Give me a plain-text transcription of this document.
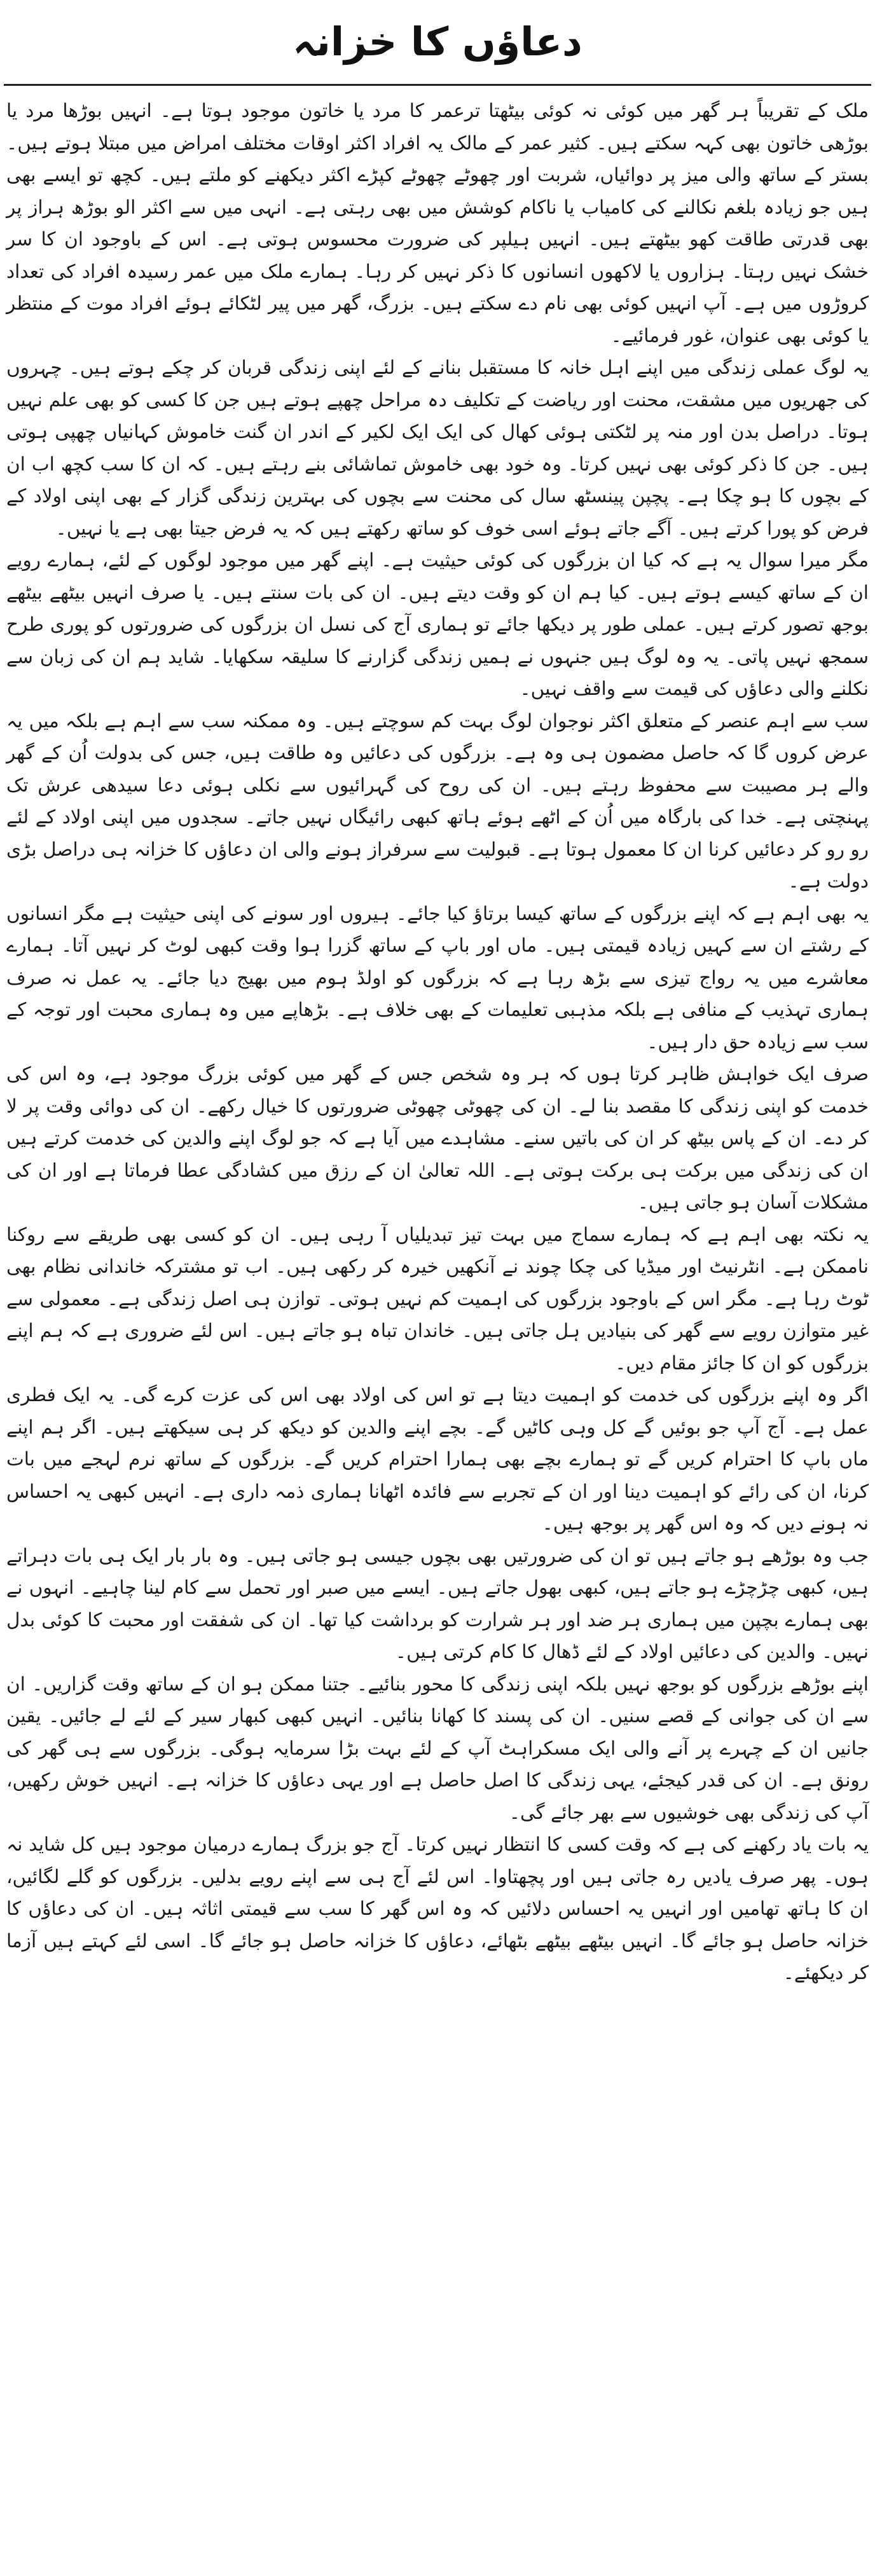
دعاؤں کا خزانہ

ملک کے تقریباً ہر گھر میں کوئی نہ کوئی بیٹھتا ترعمر کا مرد یا خاتون موجود ہوتا ہے۔ انہیں بوڑھا مرد یا بوڑھی خاتون بھی کہہ سکتے ہیں۔ کثیر عمر کے مالک یہ افراد اکثر اوقات مختلف امراض میں مبتلا ہوتے ہیں۔ بستر کے ساتھ والی میز پر دوائیاں، شربت اور چھوٹے چھوٹے کپڑے اکثر دیکھنے کو ملتے ہیں۔ کچھ تو ایسے بھی ہیں جو زیادہ بلغم نکالنے کی کامیاب یا ناکام کوشش میں بھی رہتی ہے۔ انہی میں سے اکثر الو بوڑھ ہراز پر بھی قدرتی طاقت کھو بیٹھتے ہیں۔ انہیں ہیلپر کی ضرورت محسوس ہوتی ہے۔ اس کے باوجود ان کا سر خشک نہیں رہتا۔ ہزاروں یا لاکھوں انسانوں کا ذکر نہیں کر رہا۔ ہمارے ملک میں عمر رسیدہ افراد کی تعداد کروڑوں میں ہے۔ آپ انہیں کوئی بھی نام دے سکتے ہیں۔ بزرگ، گھر میں پیر لٹکائے ہوئے افراد موت کے منتظر یا کوئی بھی عنوان، غور فرمائیے۔

یہ لوگ عملی زندگی میں اپنے اہل خانہ کا مستقبل بنانے کے لئے اپنی زندگی قربان کر چکے ہوتے ہیں۔ چہروں کی جھریوں میں مشقت، محنت اور ریاضت کے تکلیف دہ مراحل چھپے ہوتے ہیں جن کا کسی کو بھی علم نہیں ہوتا۔ دراصل بدن اور منہ پر لٹکتی ہوئی کھال کی ایک ایک لکیر کے اندر ان گنت خاموش کہانیاں چھپی ہوتی ہیں۔ جن کا ذکر کوئی بھی نہیں کرتا۔ وہ خود بھی خاموش تماشائی بنے رہتے ہیں۔ کہ ان کا سب کچھ اب ان کے بچوں کا ہو چکا ہے۔ پچپن پینسٹھ سال کی محنت سے بچوں کی بہترین زندگی گزار کے بھی اپنی اولاد کے فرض کو پورا کرتے ہیں۔ آگے جاتے ہوئے اسی خوف کو ساتھ رکھتے ہیں کہ یہ فرض جیتا بھی ہے یا نہیں۔

مگر میرا سوال یہ ہے کہ کیا ان بزرگوں کی کوئی حیثیت ہے۔ اپنے گھر میں موجود لوگوں کے لئے، ہمارے رویے ان کے ساتھ کیسے ہوتے ہیں۔ کیا ہم ان کو وقت دیتے ہیں۔ ان کی بات سنتے ہیں۔ یا صرف انہیں بیٹھے بیٹھے بوجھ تصور کرتے ہیں۔ عملی طور پر دیکھا جائے تو ہماری آج کی نسل ان بزرگوں کی ضرورتوں کو پوری طرح سمجھ نہیں پاتی۔ یہ وہ لوگ ہیں جنہوں نے ہمیں زندگی گزارنے کا سلیقہ سکھایا۔ شاید ہم ان کی زبان سے نکلنے والی دعاؤں کی قیمت سے واقف نہیں۔

سب سے اہم عنصر کے متعلق اکثر نوجوان لوگ بہت کم سوچتے ہیں۔ وہ ممکنہ سب سے اہم ہے بلکہ میں یہ عرض کروں گا کہ حاصل مضمون ہی وہ ہے۔ بزرگوں کی دعائیں وہ طاقت ہیں، جس کی بدولت اُن کے گھر والے ہر مصیبت سے محفوظ رہتے ہیں۔ ان کی روح کی گہرائیوں سے نکلی ہوئی دعا سیدھی عرش تک پہنچتی ہے۔ خدا کی بارگاہ میں اُن کے اٹھے ہوئے ہاتھ کبھی رائیگاں نہیں جاتے۔ سجدوں میں اپنی اولاد کے لئے رو رو کر دعائیں کرنا ان کا معمول ہوتا ہے۔ قبولیت سے سرفراز ہونے والی ان دعاؤں کا خزانہ ہی دراصل بڑی دولت ہے۔

یہ بھی اہم ہے کہ اپنے بزرگوں کے ساتھ کیسا برتاؤ کیا جائے۔ ہیروں اور سونے کی اپنی حیثیت ہے مگر انسانوں کے رشتے ان سے کہیں زیادہ قیمتی ہیں۔ ماں اور باپ کے ساتھ گزرا ہوا وقت کبھی لوٹ کر نہیں آتا۔ ہمارے معاشرے میں یہ رواج تیزی سے بڑھ رہا ہے کہ بزرگوں کو اولڈ ہوم میں بھیج دیا جائے۔ یہ عمل نہ صرف ہماری تہذیب کے منافی ہے بلکہ مذہبی تعلیمات کے بھی خلاف ہے۔ بڑھاپے میں وہ ہماری محبت اور توجہ کے سب سے زیادہ حق دار ہیں۔

صرف ایک خواہش ظاہر کرتا ہوں کہ ہر وہ شخص جس کے گھر میں کوئی بزرگ موجود ہے، وہ اس کی خدمت کو اپنی زندگی کا مقصد بنا لے۔ ان کی چھوٹی چھوٹی ضرورتوں کا خیال رکھے۔ ان کی دوائی وقت پر لا کر دے۔ ان کے پاس بیٹھ کر ان کی باتیں سنے۔ مشاہدے میں آیا ہے کہ جو لوگ اپنے والدین کی خدمت کرتے ہیں ان کی زندگی میں برکت ہی برکت ہوتی ہے۔ اللہ تعالیٰ ان کے رزق میں کشادگی عطا فرماتا ہے اور ان کی مشکلات آسان ہو جاتی ہیں۔

یہ نکتہ بھی اہم ہے کہ ہمارے سماج میں بہت تیز تبدیلیاں آ رہی ہیں۔ ان کو کسی بھی طریقے سے روکنا ناممکن ہے۔ انٹرنیٹ اور میڈیا کی چکا چوند نے آنکھیں خیرہ کر رکھی ہیں۔ اب تو مشترکہ خاندانی نظام بھی ٹوٹ رہا ہے۔ مگر اس کے باوجود بزرگوں کی اہمیت کم نہیں ہوتی۔ توازن ہی اصل زندگی ہے۔ معمولی سے غیر متوازن رویے سے گھر کی بنیادیں ہل جاتی ہیں۔ خاندان تباہ ہو جاتے ہیں۔ اس لئے ضروری ہے کہ ہم اپنے بزرگوں کو ان کا جائز مقام دیں۔

اگر وہ اپنے بزرگوں کی خدمت کو اہمیت دیتا ہے تو اس کی اولاد بھی اس کی عزت کرے گی۔ یہ ایک فطری عمل ہے۔ آج آپ جو بوئیں گے کل وہی کاٹیں گے۔ بچے اپنے والدین کو دیکھ کر ہی سیکھتے ہیں۔ اگر ہم اپنے ماں باپ کا احترام کریں گے تو ہمارے بچے بھی ہمارا احترام کریں گے۔ بزرگوں کے ساتھ نرم لہجے میں بات کرنا، ان کی رائے کو اہمیت دینا اور ان کے تجربے سے فائدہ اٹھانا ہماری ذمہ داری ہے۔ انہیں کبھی یہ احساس نہ ہونے دیں کہ وہ اس گھر پر بوجھ ہیں۔

جب وہ بوڑھے ہو جاتے ہیں تو ان کی ضرورتیں بھی بچوں جیسی ہو جاتی ہیں۔ وہ بار بار ایک ہی بات دہراتے ہیں، کبھی چڑچڑے ہو جاتے ہیں، کبھی بھول جاتے ہیں۔ ایسے میں صبر اور تحمل سے کام لینا چاہیے۔ انہوں نے بھی ہمارے بچپن میں ہماری ہر ضد اور ہر شرارت کو برداشت کیا تھا۔ ان کی شفقت اور محبت کا کوئی بدل نہیں۔ والدین کی دعائیں اولاد کے لئے ڈھال کا کام کرتی ہیں۔

اپنے بوڑھے بزرگوں کو بوجھ نہیں بلکہ اپنی زندگی کا محور بنائیے۔ جتنا ممکن ہو ان کے ساتھ وقت گزاریں۔ ان سے ان کی جوانی کے قصے سنیں۔ ان کی پسند کا کھانا بنائیں۔ انہیں کبھی کبھار سیر کے لئے لے جائیں۔ یقین جانیں ان کے چہرے پر آنے والی ایک مسکراہٹ آپ کے لئے بہت بڑا سرمایہ ہوگی۔ بزرگوں سے ہی گھر کی رونق ہے۔ ان کی قدر کیجئے، یہی زندگی کا اصل حاصل ہے اور یہی دعاؤں کا خزانہ ہے۔ انہیں خوش رکھیں، آپ کی زندگی بھی خوشیوں سے بھر جائے گی۔

یہ بات یاد رکھنے کی ہے کہ وقت کسی کا انتظار نہیں کرتا۔ آج جو بزرگ ہمارے درمیان موجود ہیں کل شاید نہ ہوں۔ پھر صرف یادیں رہ جاتی ہیں اور پچھتاوا۔ اس لئے آج ہی سے اپنے رویے بدلیں۔ بزرگوں کو گلے لگائیں، ان کا ہاتھ تھامیں اور انہیں یہ احساس دلائیں کہ وہ اس گھر کا سب سے قیمتی اثاثہ ہیں۔ ان کی دعاؤں کا خزانہ حاصل ہو جائے گا۔ انہیں بیٹھے بیٹھے بٹھائے، دعاؤں کا خزانہ حاصل ہو جائے گا۔ اسی لئے کہتے ہیں آزما کر دیکھئے۔
